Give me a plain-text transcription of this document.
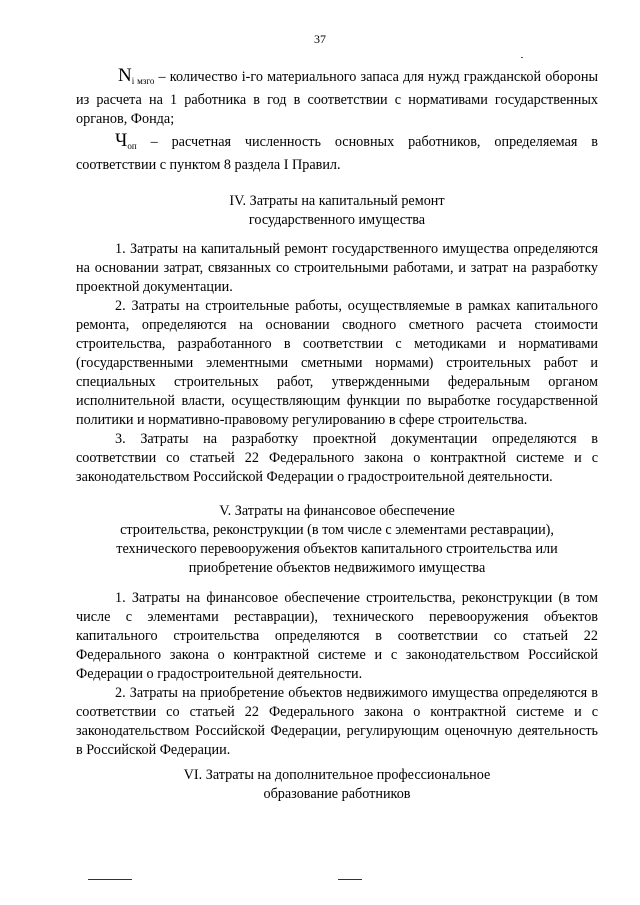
37

$N_{i мзго}$ – количество i-го материального запаса для нужд гражданской обороны из расчета на 1 работника в год в соответствии с нормативами государственных органов, Фонда;

$Ч_{оп}$ – расчетная численность основных работников, определяемая в соответствии с пунктом 8 раздела I Правил.

IV. Затраты на капитальный ремонт
государственного имущества

1. Затраты на капитальный ремонт государственного имущества определяются на основании затрат, связанных со строительными работами, и затрат на разработку проектной документации.

2. Затраты на строительные работы, осуществляемые в рамках капитального ремонта, определяются на основании сводного сметного расчета стоимости строительства, разработанного в соответствии с методиками и нормативами (государственными элементными сметными нормами) строительных работ и специальных строительных работ, утвержденными федеральным органом исполнительной власти, осуществляющим функции по выработке государственной политики и нормативно-правовому регулированию в сфере строительства.

3. Затраты на разработку проектной документации определяются в соответствии со статьей 22 Федерального закона о контрактной системе и с законодательством Российской Федерации о градостроительной деятельности.

V. Затраты на финансовое обеспечение
строительства, реконструкции (в том числе с элементами реставрации),
технического перевооружения объектов капитального строительства или
приобретение объектов недвижимого имущества

1. Затраты на финансовое обеспечение строительства, реконструкции (в том числе с элементами реставрации), технического перевооружения объектов капитального строительства определяются в соответствии со статьей 22 Федерального закона о контрактной системе и с законодательством Российской Федерации о градостроительной деятельности.

2. Затраты на приобретение объектов недвижимого имущества определяются в соответствии со статьей 22 Федерального закона о контрактной системе и с законодательством Российской Федерации, регулирующим оценочную деятельность в Российской Федерации.

VI. Затраты на дополнительное профессиональное
образование работников
